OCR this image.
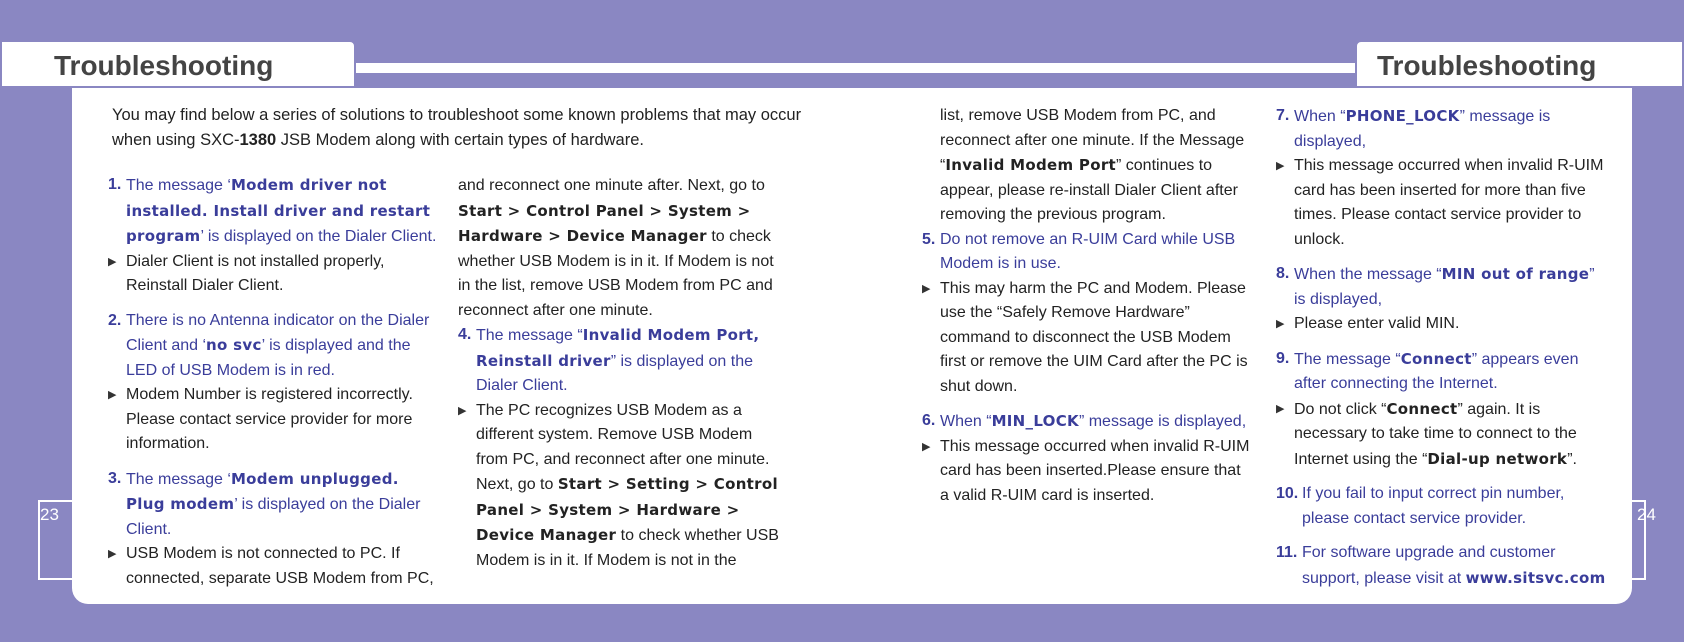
Troubleshooting	Troubleshooting
23	24
You may find below a series of solutions to troubleshoot some known problems that may occur when using SXC-1380 JSB Modem along with certain types of hardware.

1. The message ‘Modem driver not installed. Install driver and restart program’ is displayed on the Dialer Client.

▶ Dialer Client is not installed properly, Reinstall Dialer Client.

2. There is no Antenna indicator on the Dialer Client and ‘no svc’ is displayed and the LED of USB Modem is in red.

▶ Modem Number is registered incorrectly. Please contact service provider for more information.

3. The message ‘Modem unplugged. Plug modem’ is displayed on the Dialer Client.

▶ USB Modem is not connected to PC. If connected, separate USB Modem from PC,

and reconnect one minute after. Next, go to Start > Control Panel > System > Hardware > Device Manager to check whether USB Modem is in it. If Modem is not in the list, remove USB Modem from PC and reconnect after one minute.

4. The message “Invalid Modem Port, Reinstall driver” is displayed on the Dialer Client.

▶ The PC recognizes USB Modem as a different system. Remove USB Modem from PC, and reconnect after one minute. Next, go to Start > Setting > Control Panel > System > Hardware > Device Manager to check whether USB Modem is in it. If Modem is not in the

list, remove USB Modem from PC, and reconnect after one minute. If the Message “Invalid Modem Port” continues to appear, please re-install Dialer Client after removing the previous program.

5. Do not remove an R-UIM Card while USB Modem is in use.

▶ This may harm the PC and Modem. Please use the “Safely Remove Hardware” command to disconnect the USB Modem first or remove the UIM Card after the PC is shut down.

6. When “MIN_LOCK” message is displayed,

▶ This message occurred when invalid R-UIM card has been inserted.Please ensure that a valid R-UIM card is inserted.

7. When “PHONE_LOCK” message is displayed,

▶ This message occurred when invalid R-UIM card has been inserted for more than five times. Please contact service provider to unlock.

8. When the message “MIN out of range” is displayed,

▶ Please enter valid MIN.

9. The message “Connect” appears even after connecting the Internet.

▶ Do not click “Connect” again. It is necessary to take time to connect to the Internet using the “Dial-up network”.

10. If you fail to input correct pin number, please contact service provider.

11. For software upgrade and customer support, please visit at www.sitsvc.com
